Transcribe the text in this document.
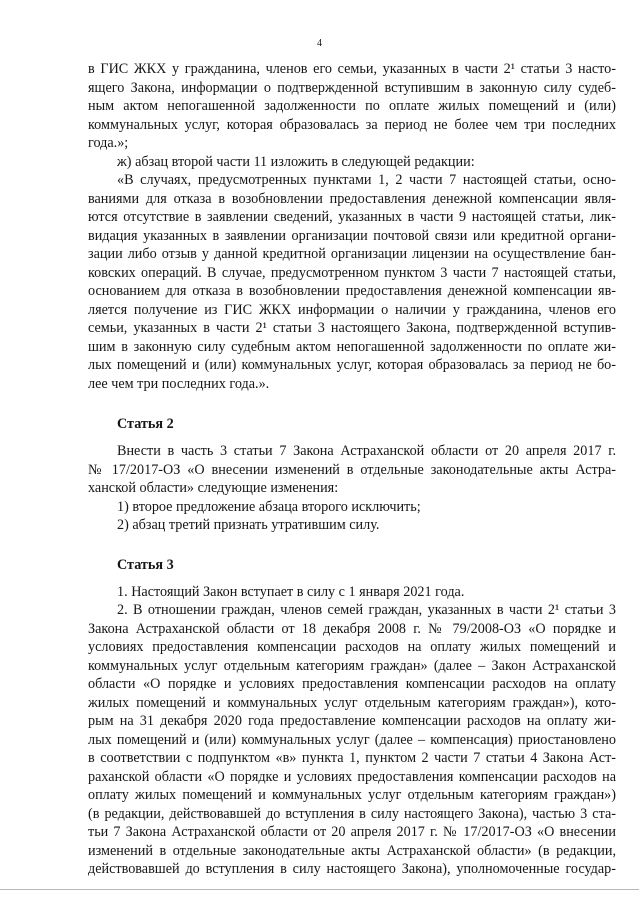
4
в ГИС ЖКХ у гражданина, членов его семьи, указанных в части 2¹ статьи 3 насто-
ящего Закона, информации о подтвержденной вступившим в законную силу судеб-
ным актом непогашенной задолженности по оплате жилых помещений и (или)
коммунальных услуг, которая образовалась за период не более чем три последних
года.»;
ж) абзац второй части 11 изложить в следующей редакции:
«В случаях, предусмотренных пунктами 1, 2 части 7 настоящей статьи, осно-
ваниями для отказа в возобновлении предоставления денежной компенсации явля-
ются отсутствие в заявлении сведений, указанных в части 9 настоящей статьи, лик-
видация указанных в заявлении организации почтовой связи или кредитной органи-
зации либо отзыв у данной кредитной организации лицензии на осуществление бан-
ковских операций. В случае, предусмотренном пунктом 3 части 7 настоящей статьи,
основанием для отказа в возобновлении предоставления денежной компенсации яв-
ляется получение из ГИС ЖКХ информации о наличии у гражданина, членов его
семьи, указанных в части 2¹ статьи 3 настоящего Закона, подтвержденной вступив-
шим в законную силу судебным актом непогашенной задолженности по оплате жи-
лых помещений и (или) коммунальных услуг, которая образовалась за период не бо-
лее чем три последних года.».
Статья 2
Внести в часть 3 статьи 7 Закона Астраханской области от 20 апреля 2017 г.
№ 17/2017-ОЗ «О внесении изменений в отдельные законодательные акты Астра-
ханской области» следующие изменения:
1) второе предложение абзаца второго исключить;
2) абзац третий признать утратившим силу.
Статья 3
1. Настоящий Закон вступает в силу с 1 января 2021 года.
2. В отношении граждан, членов семей граждан, указанных в части 2¹ статьи 3
Закона Астраханской области от 18 декабря 2008 г. № 79/2008-ОЗ «О порядке и
условиях предоставления компенсации расходов на оплату жилых помещений и
коммунальных услуг отдельным категориям граждан» (далее – Закон Астраханской
области «О порядке и условиях предоставления компенсации расходов на оплату
жилых помещений и коммунальных услуг отдельным категориям граждан»), кото-
рым на 31 декабря 2020 года предоставление компенсации расходов на оплату жи-
лых помещений и (или) коммунальных услуг (далее – компенсация) приостановлено
в соответствии с подпунктом «в» пункта 1, пунктом 2 части 7 статьи 4 Закона Аст-
раханской области «О порядке и условиях предоставления компенсации расходов на
оплату жилых помещений и коммунальных услуг отдельным категориям граждан»)
(в редакции, действовавшей до вступления в силу настоящего Закона), частью 3 ста-
тьи 7 Закона Астраханской области от 20 апреля 2017 г. № 17/2017-ОЗ «О внесении
изменений в отдельные законодательные акты Астраханской области» (в редакции,
действовавшей до вступления в силу настоящего Закона), уполномоченные государ-
